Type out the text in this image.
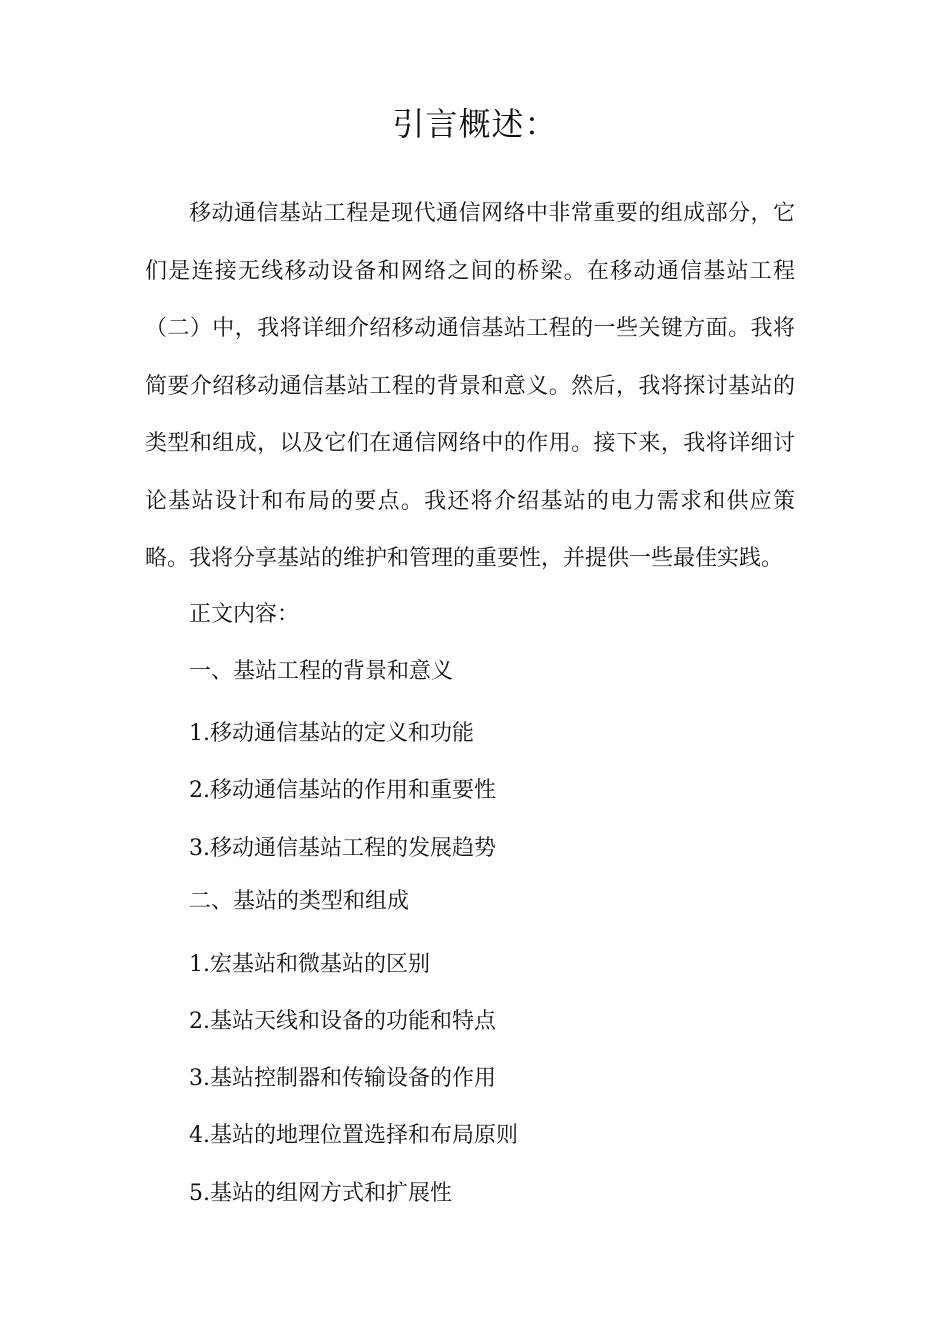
引言概述：

移动通信基站工程是现代通信网络中非常重要的组成部分，它们是连接无线移动设备和网络之间的桥梁。在移动通信基站工程（二）中，我将详细介绍移动通信基站工程的一些关键方面。我将简要介绍移动通信基站工程的背景和意义。然后，我将探讨基站的类型和组成，以及它们在通信网络中的作用。接下来，我将详细讨论基站设计和布局的要点。我还将介绍基站的电力需求和供应策略。我将分享基站的维护和管理的重要性，并提供一些最佳实践。

正文内容：
一、基站工程的背景和意义
1.移动通信基站的定义和功能
2.移动通信基站的作用和重要性
3.移动通信基站工程的发展趋势
二、基站的类型和组成
1.宏基站和微基站的区别
2.基站天线和设备的功能和特点
3.基站控制器和传输设备的作用
4.基站的地理位置选择和布局原则
5.基站的组网方式和扩展性
